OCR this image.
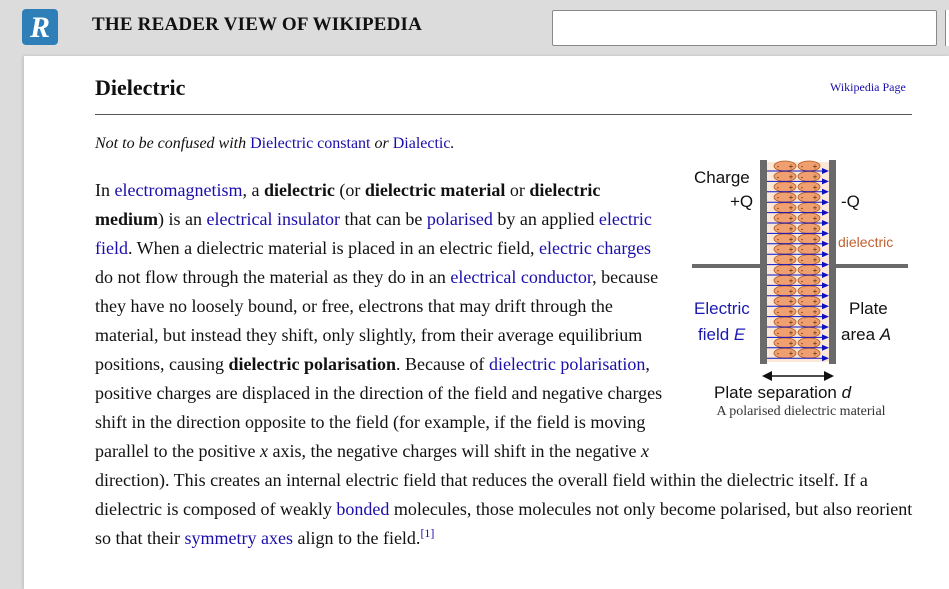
R THE READER VIEW OF WIKIPEDIA
Dielectric	Wikipedia Page

Not to be confused with Dielectric constant or Dialectic.

In electromagnetism, a dielectric (or dielectric material or dielectric medium) is an electrical insulator that can be polarised by an applied electric field. When a dielectric material is placed in an electric field, electric charges do not flow through the material as they do in an electrical conductor, because they have no loosely bound, or free, electrons that may drift through the material, but instead they shift, only slightly, from their average equilibrium positions, causing dielectric polarisation. Because of dielectric polarisation, positive charges are displaced in the direction of the field and negative charges shift in the direction opposite to the field (for example, if the field is moving parallel to the positive x axis, the negative charges will shift in the negative x direction). This creates an internal electric field that reduces the overall field within the dielectric itself. If a dielectric is composed of weakly bonded molecules, those molecules not only become polarised, but also reorient so that their symmetry axes align to the field.[1]
- + - +
- + - +
- + - +
- + - +
- + - +
- + - +
- + - +
- + - +
- + - +
- + - +
- + - +
- + - +
- + - +
- + - +
- + - +
- + - +
- + - +
- + - +
- + - +
Charge
+Q	-Q
dielectric
Electric
field E
Plate
area A
Plate separation d
A polarised dielectric material
